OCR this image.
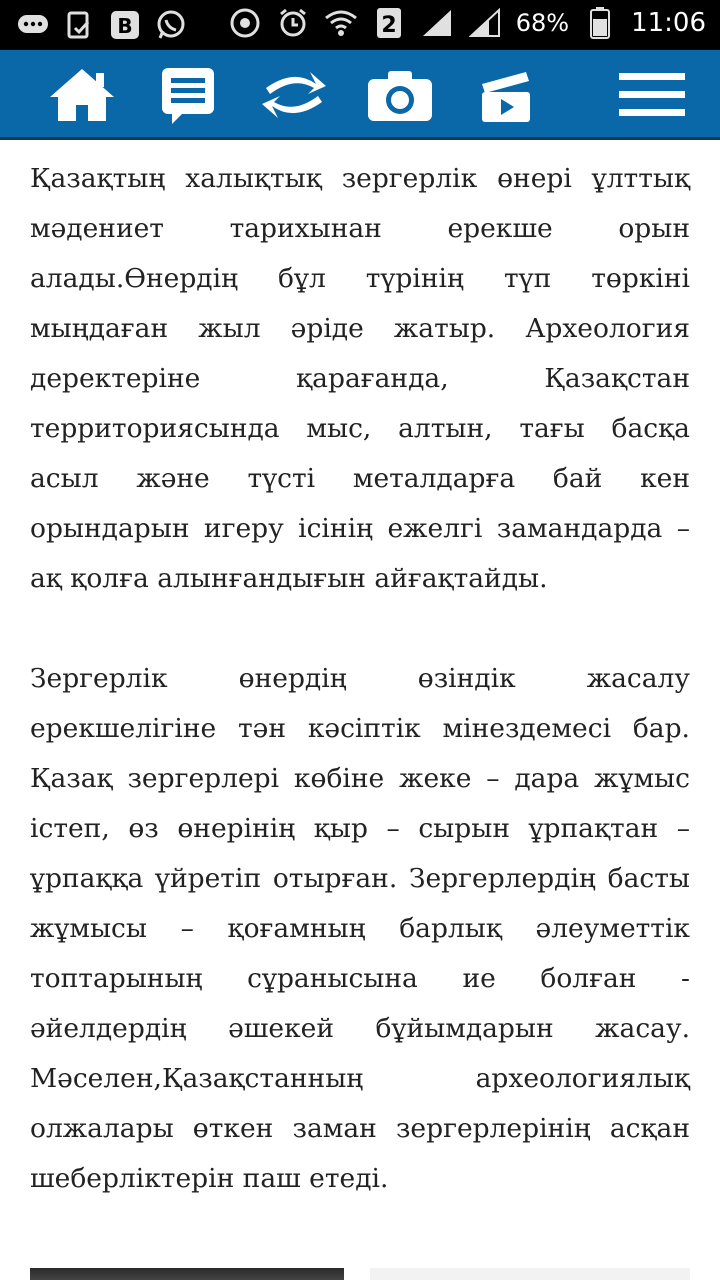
B	2	68% 11:06

Қазақтың халықтық зергерлік өнері ұлттық мәдениет тарихынан ерекше орын алады.Өнердің бұл түрінің түп төркіні мыңдаған жыл әріде жатыр. Археология деректеріне қарағанда, Қазақстан территориясында мыс, алтын, тағы басқа асыл және түсті металдарға бай кен орындарын игеру ісінің ежелгі замандарда – ақ қолға алынғандығын айғақтайды.

Зергерлік өнердің өзіндік жасалу ерекшелігіне тән кәсіптік мінездемесі бар. Қазақ зергерлері көбіне жеке – дара жұмыс істеп, өз өнерінің қыр – сырын ұрпақтан – ұрпаққа үйретіп отырған. Зергерлердің басты жұмысы – қоғамның барлық әлеуметтік топтарының сұранысына ие болған - әйелдердің әшекей бұйымдарын жасау. Мәселен,Қазақстанның археологиялық олжалары өткен заман зергерлерінің асқан шеберліктерін паш етеді.
